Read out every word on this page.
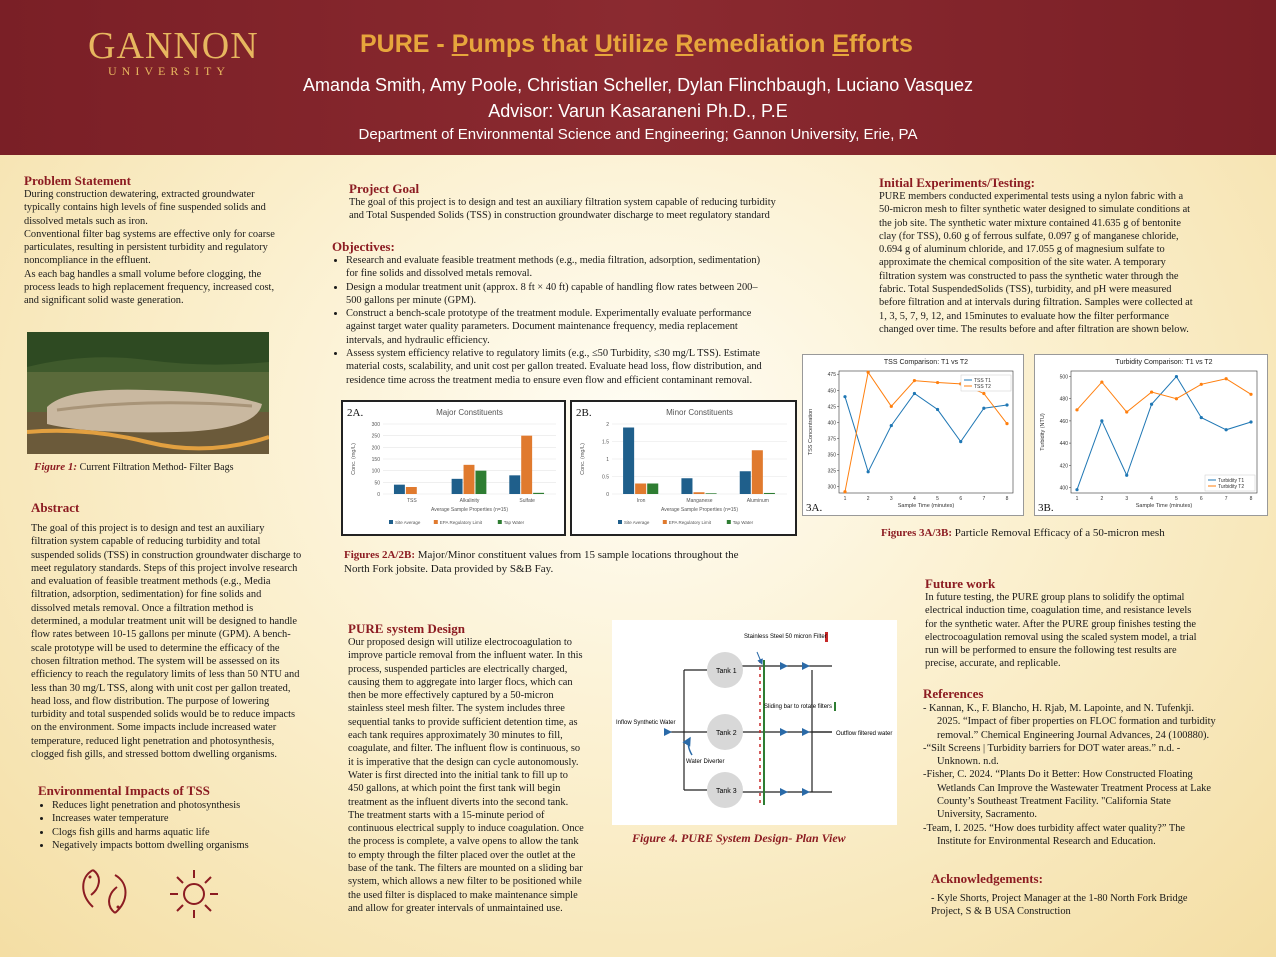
GANNON
UNIVERSITY
PURE - Pumps that Utilize Remediation Efforts
Amanda Smith, Amy Poole, Christian Scheller, Dylan Flinchbaugh, Luciano Vasquez
Advisor: Varun Kasaraneni Ph.D., P.E
Department of Environmental Science and Engineering; Gannon University, Erie, PA
Problem Statement
During construction dewatering, extracted groundwater
typically contains high levels of fine suspended solids and
dissolved metals such as iron.
Conventional filter bag systems are effective only for coarse
particulates, resulting in persistent turbidity and regulatory
noncompliance in the effluent.
As each bag handles a small volume before clogging, the
process leads to high replacement frequency, increased cost,
and significant solid waste generation.
Figure 1: Current Filtration Method- Filter Bags
Abstract
The goal of this project is to design and test an auxiliary
filtration system capable of reducing turbidity and total
suspended solids (TSS) in construction groundwater discharge to
meet regulatory standards. Steps of this project involve research
and evaluation of feasible treatment methods (e.g., Media
filtration, adsorption, sedimentation) for fine solids and
dissolved metals removal. Once a filtration method is
determined, a modular treatment unit will be designed to handle
flow rates between 10-15 gallons per minute (GPM). A bench-
scale prototype will be used to determine the efficacy of the
chosen filtration method. The system will be assessed on its
efficiency to reach the regulatory limits of less than 50 NTU and
less than 30 mg/L TSS, along with unit cost per gallon treated,
head loss, and flow distribution. The purpose of lowering
turbidity and total suspended solids would be to reduce impacts
on the environment. Some impacts include increased water
temperature, reduced light penetration and photosynthesis,
clogged fish gills, and stressed bottom dwelling organisms.
Environmental Impacts of TSS
• Reduces light penetration and photosynthesis
• Increases water temperature
• Clogs fish gills and harms aquatic life
• Negatively impacts bottom dwelling organisms
Project Goal
The goal of this project is to design and test an auxiliary filtration system capable of reducing turbidity
and Total Suspended Solids (TSS) in construction groundwater discharge to meet regulatory standard
Objectives:
• Research and evaluate feasible treatment methods (e.g., media filtration, adsorption, sedimentation)
for fine solids and dissolved metals removal.
• Design a modular treatment unit (approx. 8 ft × 40 ft) capable of handling flow rates between 200–
500 gallons per minute (GPM).
• Construct a bench-scale prototype of the treatment module. Experimentally evaluate performance
against target water quality parameters. Document maintenance frequency, media replacement
intervals, and hydraulic efficiency.
• Assess system efficiency relative to regulatory limits (e.g., ≤50 Turbidity, ≤30 mg/L TSS). Estimate
material costs, scalability, and unit cost per gallon treated. Evaluate head loss, flow distribution, and
residence time across the treatment media to ensure even flow and efficient contaminant removal.
Major Constituents
0
50
100
150
200
250
300
Conc. (mg/L)
TSS	Alkalinity	Sulfate
Average Sample Properties (n=15)
Site Average	EPA Regulatory Limit	Tap Water
2A.	Minor Constituents
0
0.5
1
1.5
2
Conc. (mg/L)
Iron	Manganese	Aluminum
Average Sample Properties (n=15)
Site Average	EPA Regulatory Limit	Tap Water
2B.
Figures 2A/2B: Major/Minor constituent values from 15 sample locations throughout the
North Fork jobsite. Data provided by S&B Fay.
PURE system Design
Our proposed design will utilize electrocoagulation to
improve particle removal from the influent water. In this
process, suspended particles are electrically charged,
causing them to aggregate into larger flocs, which can
then be more effectively captured by a 50-micron
stainless steel mesh filter. The system includes three
sequential tanks to provide sufficient detention time, as
each tank requires approximately 30 minutes to fill,
coagulate, and filter. The influent flow is continuous, so
it is imperative that the design can cycle autonomously.
Water is first directed into the initial tank to fill up to
450 gallons, at which point the first tank will begin
treatment as the influent diverts into the second tank.
The treatment starts with a 15-minute period of
continuous electrical supply to induce coagulation. Once
the process is complete, a valve opens to allow the tank
to empty through the filter placed over the outlet at the
base of the tank. The filters are mounted on a sliding bar
system, which allows a new filter to be positioned while
the used filter is displaced to make maintenance simple
and allow for greater intervals of unmaintained use.
Stainless Steel 50 micron Filter
Sliding bar to rotate filters
Inflow Synthetic Water
Outflow filtered water
Water Diverter
Tank 1
Tank 2
Tank 3
Figure 4. PURE System Design- Plan View
Initial Experiments/Testing:
PURE members conducted experimental tests using a nylon fabric with a
50-micron mesh to filter synthetic water designed to simulate conditions at
the job site. The synthetic water mixture contained 41.635 g of bentonite
clay (for TSS), 0.60 g of ferrous sulfate, 0.097 g of manganese chloride,
0.694 g of aluminum chloride, and 17.055 g of magnesium sulfate to
approximate the chemical composition of the site water. A temporary
filtration system was constructed to pass the synthetic water through the
fabric. Total SuspendedSolids (TSS), turbidity, and pH were measured
before filtration and at intervals during filtration. Samples were collected at
1, 3, 5, 7, 9, 12, and 15minutes to evaluate how the filter performance
changed over time. The results before and after filtration are shown below.
TSS Comparison: T1 vs T2
300
325
350
375
400
425
450
475
1	2	3	4	5	6	7	8
Sample Time (minutes)
TSS Concentration
TSS T1
TSS T2
3A.
Turbidity Comparison: T1 vs T2
400
420
440
460
480
500
1	2	3	4	5	6	7	8
Sample Time (minutes)
Turbidity (NTU)
Turbidity T1
Turbidity T2
3B.
Figures 3A/3B: Particle Removal Efficacy of a 50-micron mesh
Future work
In future testing, the PURE group plans to solidify the optimal
electrical induction time, coagulation time, and resistance levels
for the synthetic water. After the PURE group finishes testing the
electrocoagulation removal using the scaled system model, a trial
run will be performed to ensure the following test results are
precise, accurate, and replicable.
References
- Kannan, K., F. Blancho, H. Rjab, M. Lapointe, and N. Tufenkji.
2025. “Impact of fiber properties on FLOC formation and turbidity
removal.” Chemical Engineering Journal Advances, 24 (100880).
-“Silt Screens | Turbidity barriers for DOT water areas.” n.d. -
Unknown. n.d.
-Fisher, C. 2024. “Plants Do it Better: How Constructed Floating
Wetlands Can Improve the Wastewater Treatment Process at Lake
County’s Southeast Treatment Facility. "California State
University, Sacramento.
-Team, I. 2025. “How does turbidity affect water quality?” The
Institute for Environmental Research and Education.
Acknowledgements:
- Kyle Shorts, Project Manager at the 1-80 North Fork Bridge
Project, S & B USA Construction
